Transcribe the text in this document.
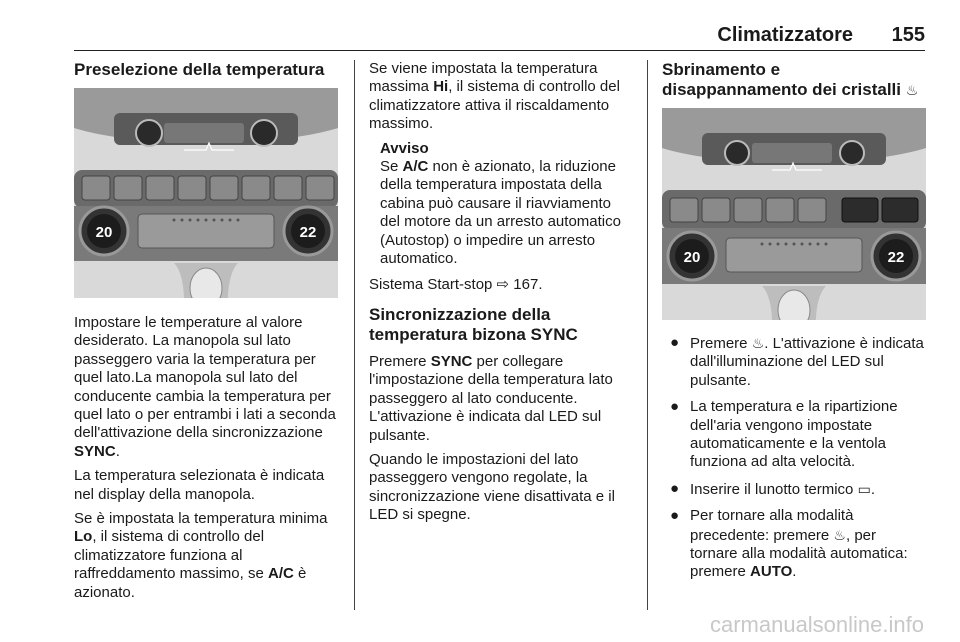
Climatizzatore 155
Preselezione della temperatura
20	22

Impostare le temperature al valore desiderato. La manopola sul lato passeggero varia la temperatura per quel lato.La manopola sul lato del conducente cambia la temperatura per quel lato o per entrambi i lati a seconda dell'attivazione della sincronizzazione SYNC.

La temperatura selezionata è indicata nel display della manopola.

Se è impostata la temperatura minima Lo, il sistema di controllo del climatizzatore funziona al raffreddamento massimo, se A/C è azionato.

Se viene impostata la temperatura massima Hi, il sistema di controllo del climatizzatore attiva il riscaldamento massimo.

Avviso
Se A/C non è azionato, la riduzione della temperatura impostata della cabina può causare il riavviamento del motore da un arresto automatico (Autostop) o impedire un arresto automatico.

Sistema Start-stop ⇨ 167.

Sincronizzazione della temperatura bizona SYNC

Premere SYNC per collegare l'impostazione della temperatura lato passeggero al lato conducente. L'attivazione è indicata dal LED sul pulsante.

Quando le impostazioni del lato passeggero vengono regolate, la sincronizzazione viene disattivata e il LED si spegne.

Sbrinamento e disappannamento dei cristalli ♨
20	22
● Premere ♨. L'attivazione è indicata dall'illuminazione del LED sul pulsante.
● La temperatura e la ripartizione dell'aria vengono impostate automaticamente e la ventola funziona ad alta velocità.
● Inserire il lunotto termico ▭.
● Per tornare alla modalità precedente: premere ♨, per tornare alla modalità automatica: premere AUTO.
carmanualsonline.info
